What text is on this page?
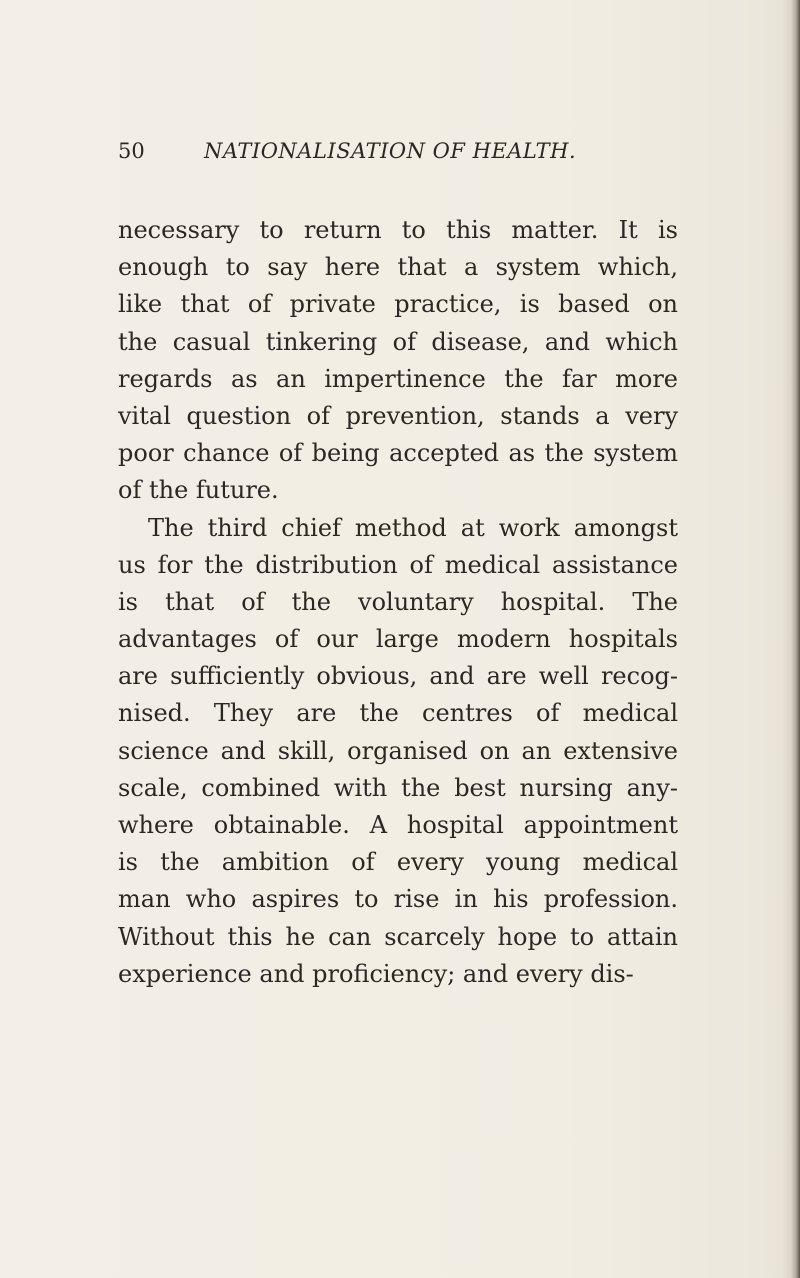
50	NATIONALISATION OF HEALTH.
necessary to return to this matter. It is
enough to say here that a system which,
like that of private practice, is based on
the casual tinkering of disease, and which
regards as an impertinence the far more
vital question of prevention, stands a very
poor chance of being accepted as the system
of the future.
The third chief method at work amongst
us for the distribution of medical assistance
is that of the voluntary hospital. The
advantages of our large modern hospitals
are sufficiently obvious, and are well recog-
nised. They are the centres of medical
science and skill, organised on an extensive
scale, combined with the best nursing any-
where obtainable. A hospital appointment
is the ambition of every young medical
man who aspires to rise in his profession.
Without this he can scarcely hope to attain
experience and proficiency; and every dis-
